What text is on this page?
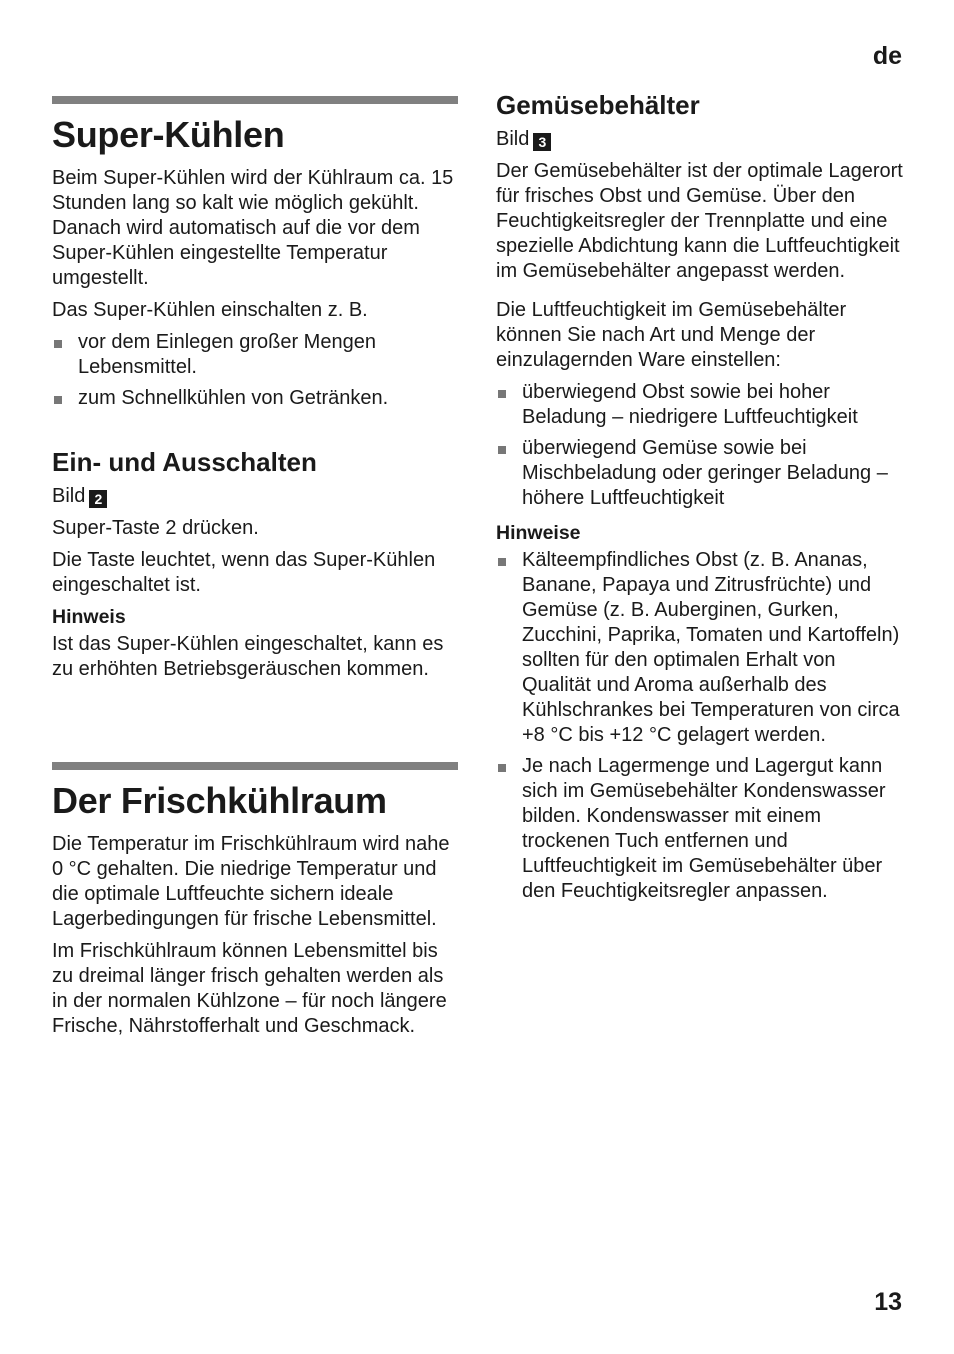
de
Super-Kühlen

Beim Super-Kühlen wird der Kühlraum ca. 15 Stunden lang so kalt wie möglich gekühlt. Danach wird automatisch auf die vor dem Super-Kühlen eingestellte Temperatur umgestellt.

Das Super-Kühlen einschalten z. B.

vor dem Einlegen großer Mengen Lebensmittel.
zum Schnellkühlen von Getränken.
Ein- und Ausschalten

Bild 2

Super-Taste 2 drücken.

Die Taste leuchtet, wenn das Super-Kühlen eingeschaltet ist.

Hinweis

Ist das Super-Kühlen eingeschaltet, kann es zu erhöhten Betriebsgeräuschen kommen.

Der Frischkühlraum

Die Temperatur im Frischkühlraum wird nahe 0 °C gehalten. Die niedrige Temperatur und die optimale Luftfeuchte sichern ideale Lagerbedingungen für frische Lebensmittel.

Im Frischkühlraum können Lebensmittel bis zu dreimal länger frisch gehalten werden als in der normalen Kühlzone – für noch längere Frische, Nährstofferhalt und Geschmack.

Gemüsebehälter

Bild 3

Der Gemüsebehälter ist der optimale Lagerort für frisches Obst und Gemüse. Über den Feuchtigkeitsregler der Trennplatte und eine spezielle Abdichtung kann die Luftfeuchtigkeit im Gemüsebehälter angepasst werden.

Die Luftfeuchtigkeit im Gemüsebehälter können Sie nach Art und Menge der einzulagernden Ware einstellen:

überwiegend Obst sowie bei hoher Beladung – niedrigere Luftfeuchtigkeit
überwiegend Gemüse sowie bei Mischbeladung oder geringer Beladung – höhere Luftfeuchtigkeit
Hinweise
Kälteempfindliches Obst (z. B. Ananas, Banane, Papaya und Zitrusfrüchte) und Gemüse (z. B. Auberginen, Gurken, Zucchini, Paprika, Tomaten und Kartoffeln) sollten für den optimalen Erhalt von Qualität und Aroma außerhalb des Kühlschrankes bei Temperaturen von circa +8 °C bis +12 °C gelagert werden.
Je nach Lagermenge und Lagergut kann sich im Gemüsebehälter Kondenswasser bilden. Kondenswasser mit einem trockenen Tuch entfernen und Luftfeuchtigkeit im Gemüsebehälter über den Feuchtigkeitsregler anpassen.
13
